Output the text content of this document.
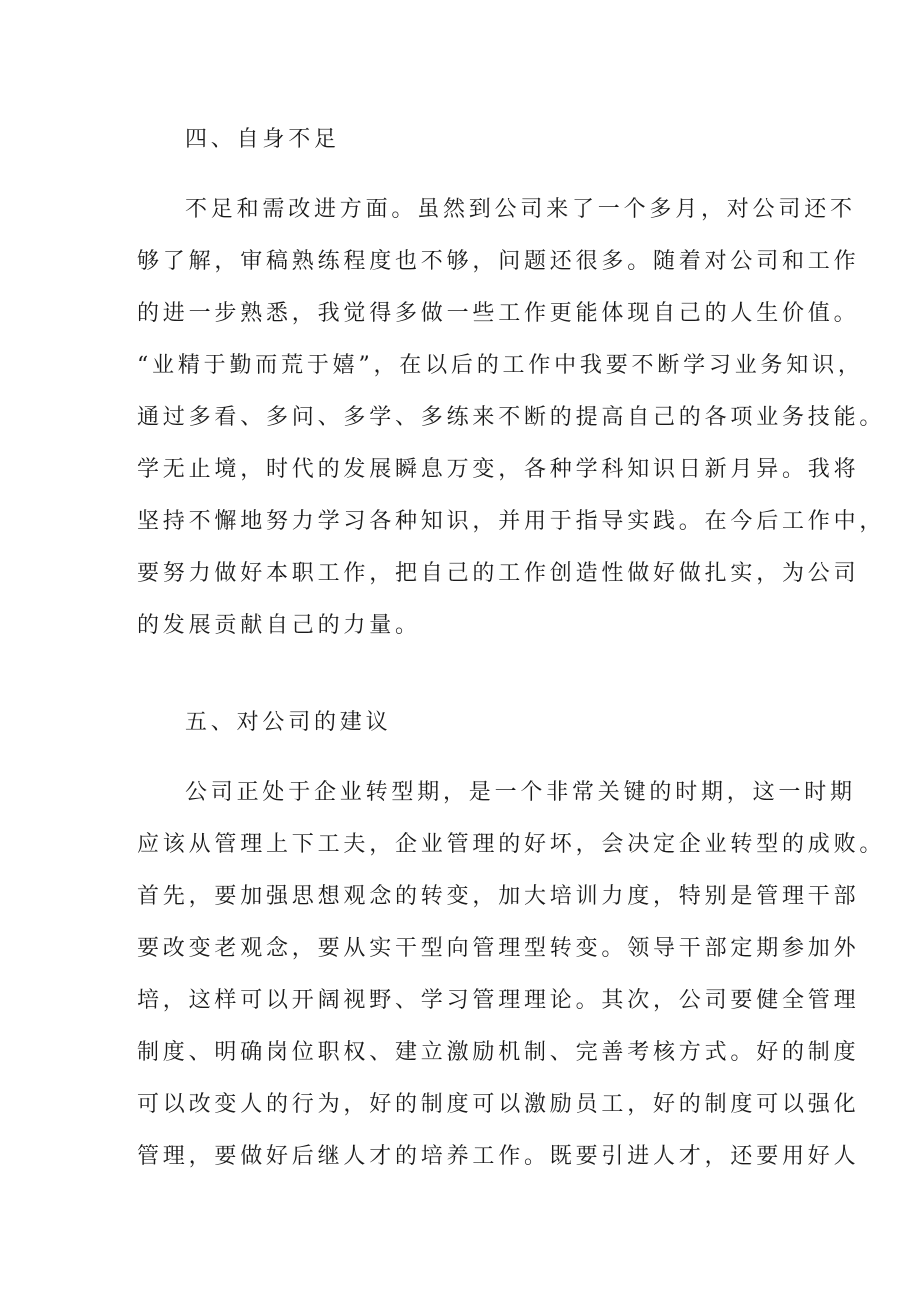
四、自身不足
不足和需改进方面。虽然到公司来了一个多月，对公司还不
够了解，审稿熟练程度也不够，问题还很多。随着对公司和工作
的进一步熟悉，我觉得多做一些工作更能体现自己的人生价值。
“业精于勤而荒于嬉”，在以后的工作中我要不断学习业务知识，
通过多看、多问、多学、多练来不断的提高自己的各项业务技能。
学无止境，时代的发展瞬息万变，各种学科知识日新月异。我将
坚持不懈地努力学习各种知识，并用于指导实践。在今后工作中，
要努力做好本职工作，把自己的工作创造性做好做扎实，为公司
的发展贡献自己的力量。
五、对公司的建议
公司正处于企业转型期，是一个非常关键的时期，这一时期
应该从管理上下工夫，企业管理的好坏，会决定企业转型的成败。
首先，要加强思想观念的转变，加大培训力度，特别是管理干部
要改变老观念，要从实干型向管理型转变。领导干部定期参加外
培，这样可以开阔视野、学习管理理论。其次，公司要健全管理
制度、明确岗位职权、建立激励机制、完善考核方式。好的制度
可以改变人的行为，好的制度可以激励员工，好的制度可以强化
管理，要做好后继人才的培养工作。既要引进人才，还要用好人
